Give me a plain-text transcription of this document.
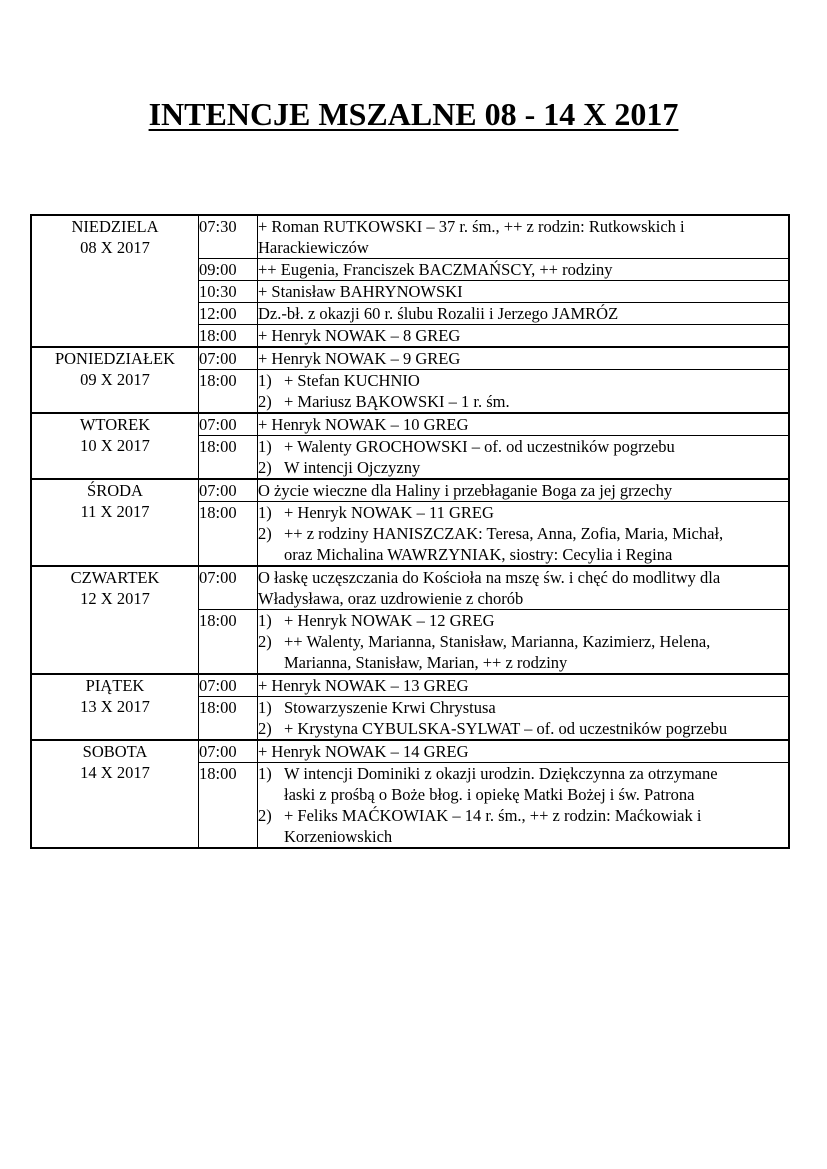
INTENCJE MSZALNE 08 - 14 X 2017
NIEDZIELA
08 X 2017	07:30	+ Roman RUTKOWSKI – 37 r. śm., ++ z rodzin: Rutkowskich i
Harackiewiczów

	09:00	++ Eugenia, Franciszek BACZMAŃSCY, ++ rodziny

	10:30	+ Stanisław BAHRYNOWSKI

	12:00	Dz.-bł. z okazji 60 r. ślubu Rozalii i Jerzego JAMRÓZ

	18:00	+ Henryk NOWAK – 8 GREG

PONIEDZIAŁEK
09 X 2017	07:00	+ Henryk NOWAK – 9 GREG

	18:00	1) + Stefan KUCHNIO
2) + Mariusz BĄKOWSKI – 1 r. śm.

WTOREK
10 X 2017	07:00	+ Henryk NOWAK – 10 GREG

	18:00	1) + Walenty GROCHOWSKI – of. od uczestników pogrzebu
2) W intencji Ojczyzny

ŚRODA
11 X 2017	07:00	O życie wieczne dla Haliny i przebłaganie Boga za jej grzechy

	18:00	1) + Henryk NOWAK – 11 GREG
2) ++ z rodziny HANISZCZAK: Teresa, Anna, Zofia, Maria, Michał,
oraz Michalina WAWRZYNIAK, siostry: Cecylia i Regina

CZWARTEK
12 X 2017	07:00	O łaskę uczęszczania do Kościoła na mszę św. i chęć do modlitwy dla
Władysława, oraz uzdrowienie z chorób

	18:00	1) + Henryk NOWAK – 12 GREG
2) ++ Walenty, Marianna, Stanisław, Marianna, Kazimierz, Helena,
Marianna, Stanisław, Marian, ++ z rodziny

PIĄTEK
13 X 2017	07:00	+ Henryk NOWAK – 13 GREG

	18:00	1) Stowarzyszenie Krwi Chrystusa
2) + Krystyna CYBULSKA-SYLWAT – of. od uczestników pogrzebu

SOBOTA
14 X 2017	07:00	+ Henryk NOWAK – 14 GREG

	18:00	1) W intencji Dominiki z okazji urodzin. Dziękczynna za otrzymane
łaski z prośbą o Boże błog. i opiekę Matki Bożej i św. Patrona
2) + Feliks MAĆKOWIAK – 14 r. śm., ++ z rodzin: Maćkowiak i
Korzeniowskich
